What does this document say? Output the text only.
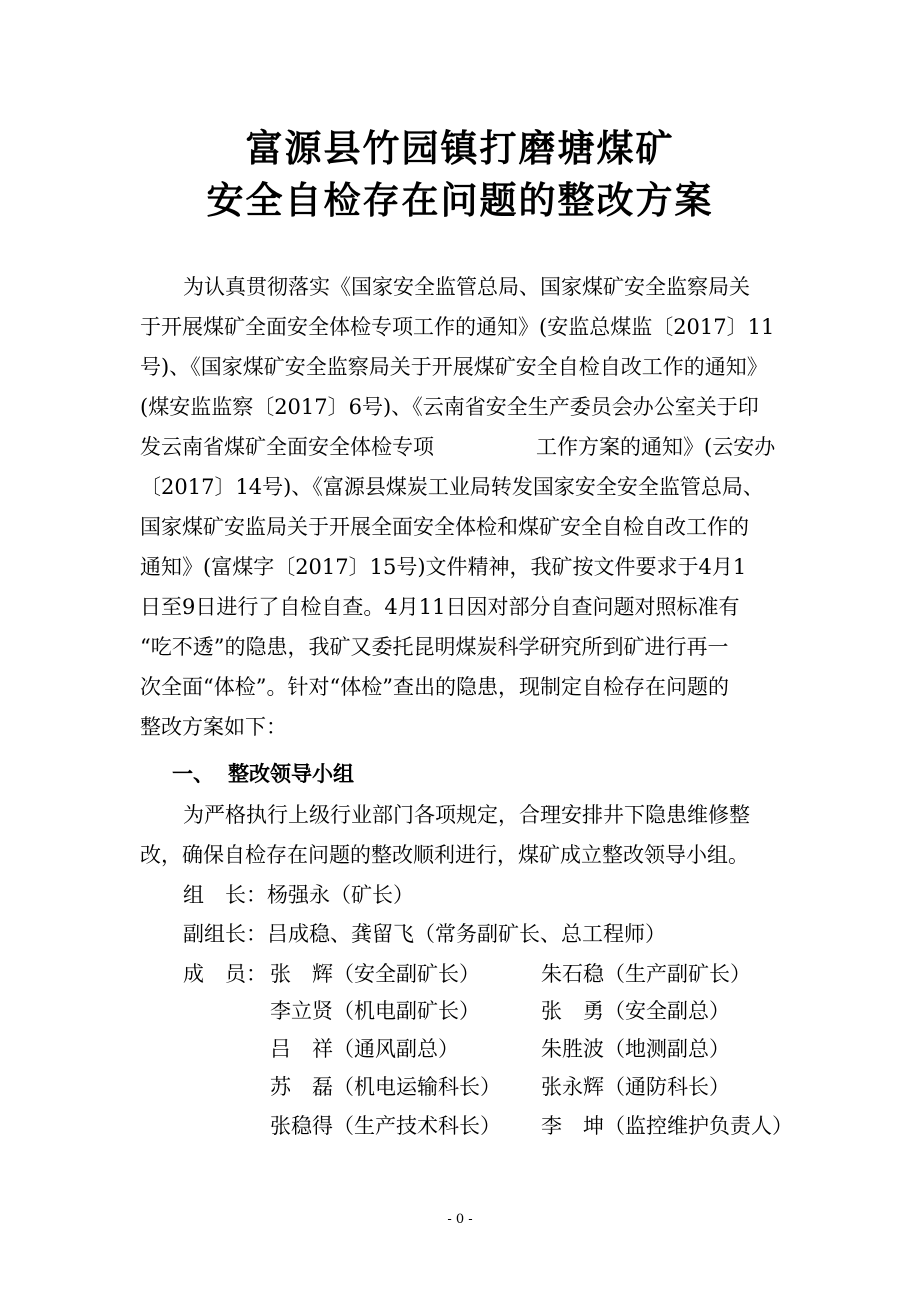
富源县竹园镇打磨塘煤矿
安全自检存在问题的整改方案
为认真贯彻落实《国家安全监管总局、国家煤矿安全监察局关
于开展煤矿全面安全体检专项工作的通知》(安监总煤监〔2017〕11
号)、《国家煤矿安全监察局关于开展煤矿安全自检自改工作的通知》
(煤安监监察〔2017〕6号)、《云南省安全生产委员会办公室关于印
发云南省煤矿全面安全体检专项	工作方案的通知》(云安办
〔2017〕14号)、《富源县煤炭工业局转发国家安全安全监管总局、
国家煤矿安监局关于开展全面安全体检和煤矿安全自检自改工作的
通知》(富煤字〔2017〕15号)文件精神，我矿按文件要求于4月1
日至9日进行了自检自查。4月11日因对部分自查问题对照标准有
“吃不透”的隐患，我矿又委托昆明煤炭科学研究所到矿进行再一
次全面“体检”。针对“体检”查出的隐患，现制定自检存在问题的
整改方案如下：
一、 整改领导小组
为严格执行上级行业部门各项规定，合理安排井下隐患维修整
改，确保自检存在问题的整改顺利进行，煤矿成立整改领导小组。
组　长：杨强永（矿长）
副组长：吕成稳、龚留飞（常务副矿长、总工程师）
成　员： 张　辉（安全副矿长）
李立贤（机电副矿长）
吕　祥（通风副总）
苏　磊（机电运输科长）
张稳得（生产技术科长）
朱石稳（生产副矿长）
张　勇（安全副总）
朱胜波（地测副总）
张永辉（通防科长）
李　坤（监控维护负责人）
- 0 -
